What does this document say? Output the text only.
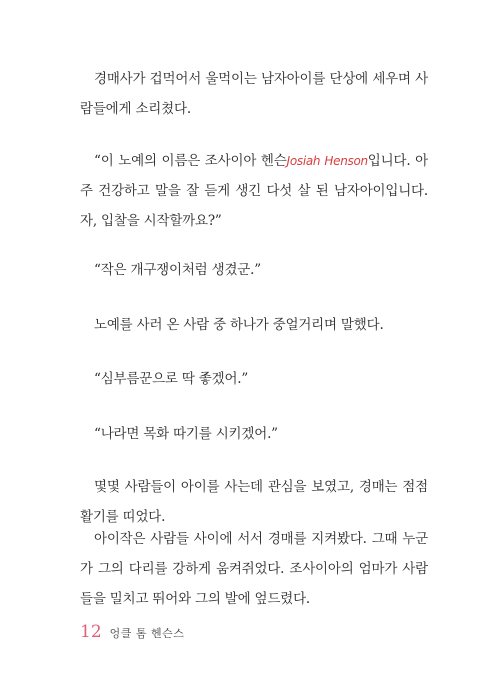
경매사가 겁먹어서 울먹이는 남자아이를 단상에 세우며 사람들에게 소리쳤다.

“이 노예의 이름은 조사이아 헨슨Josiah Henson입니다. 아주 건강하고 말을 잘 듣게 생긴 다섯 살 된 남자아이입니다. 자, 입찰을 시작할까요?”

“작은 개구쟁이처럼 생겼군.”

노예를 사러 온 사람 중 하나가 중얼거리며 말했다.

“심부름꾼으로 딱 좋겠어.”

“나라면 목화 따기를 시키겠어.”

몇몇 사람들이 아이를 사는데 관심을 보였고, 경매는 점점 활기를 띠었다.

아이작은 사람들 사이에 서서 경매를 지켜봤다. 그때 누군가 그의 다리를 강하게 움켜쥐었다. 조사이아의 엄마가 사람들을 밀치고 뛰어와 그의 발에 엎드렸다.

12 엉클 톰 헨슨스
